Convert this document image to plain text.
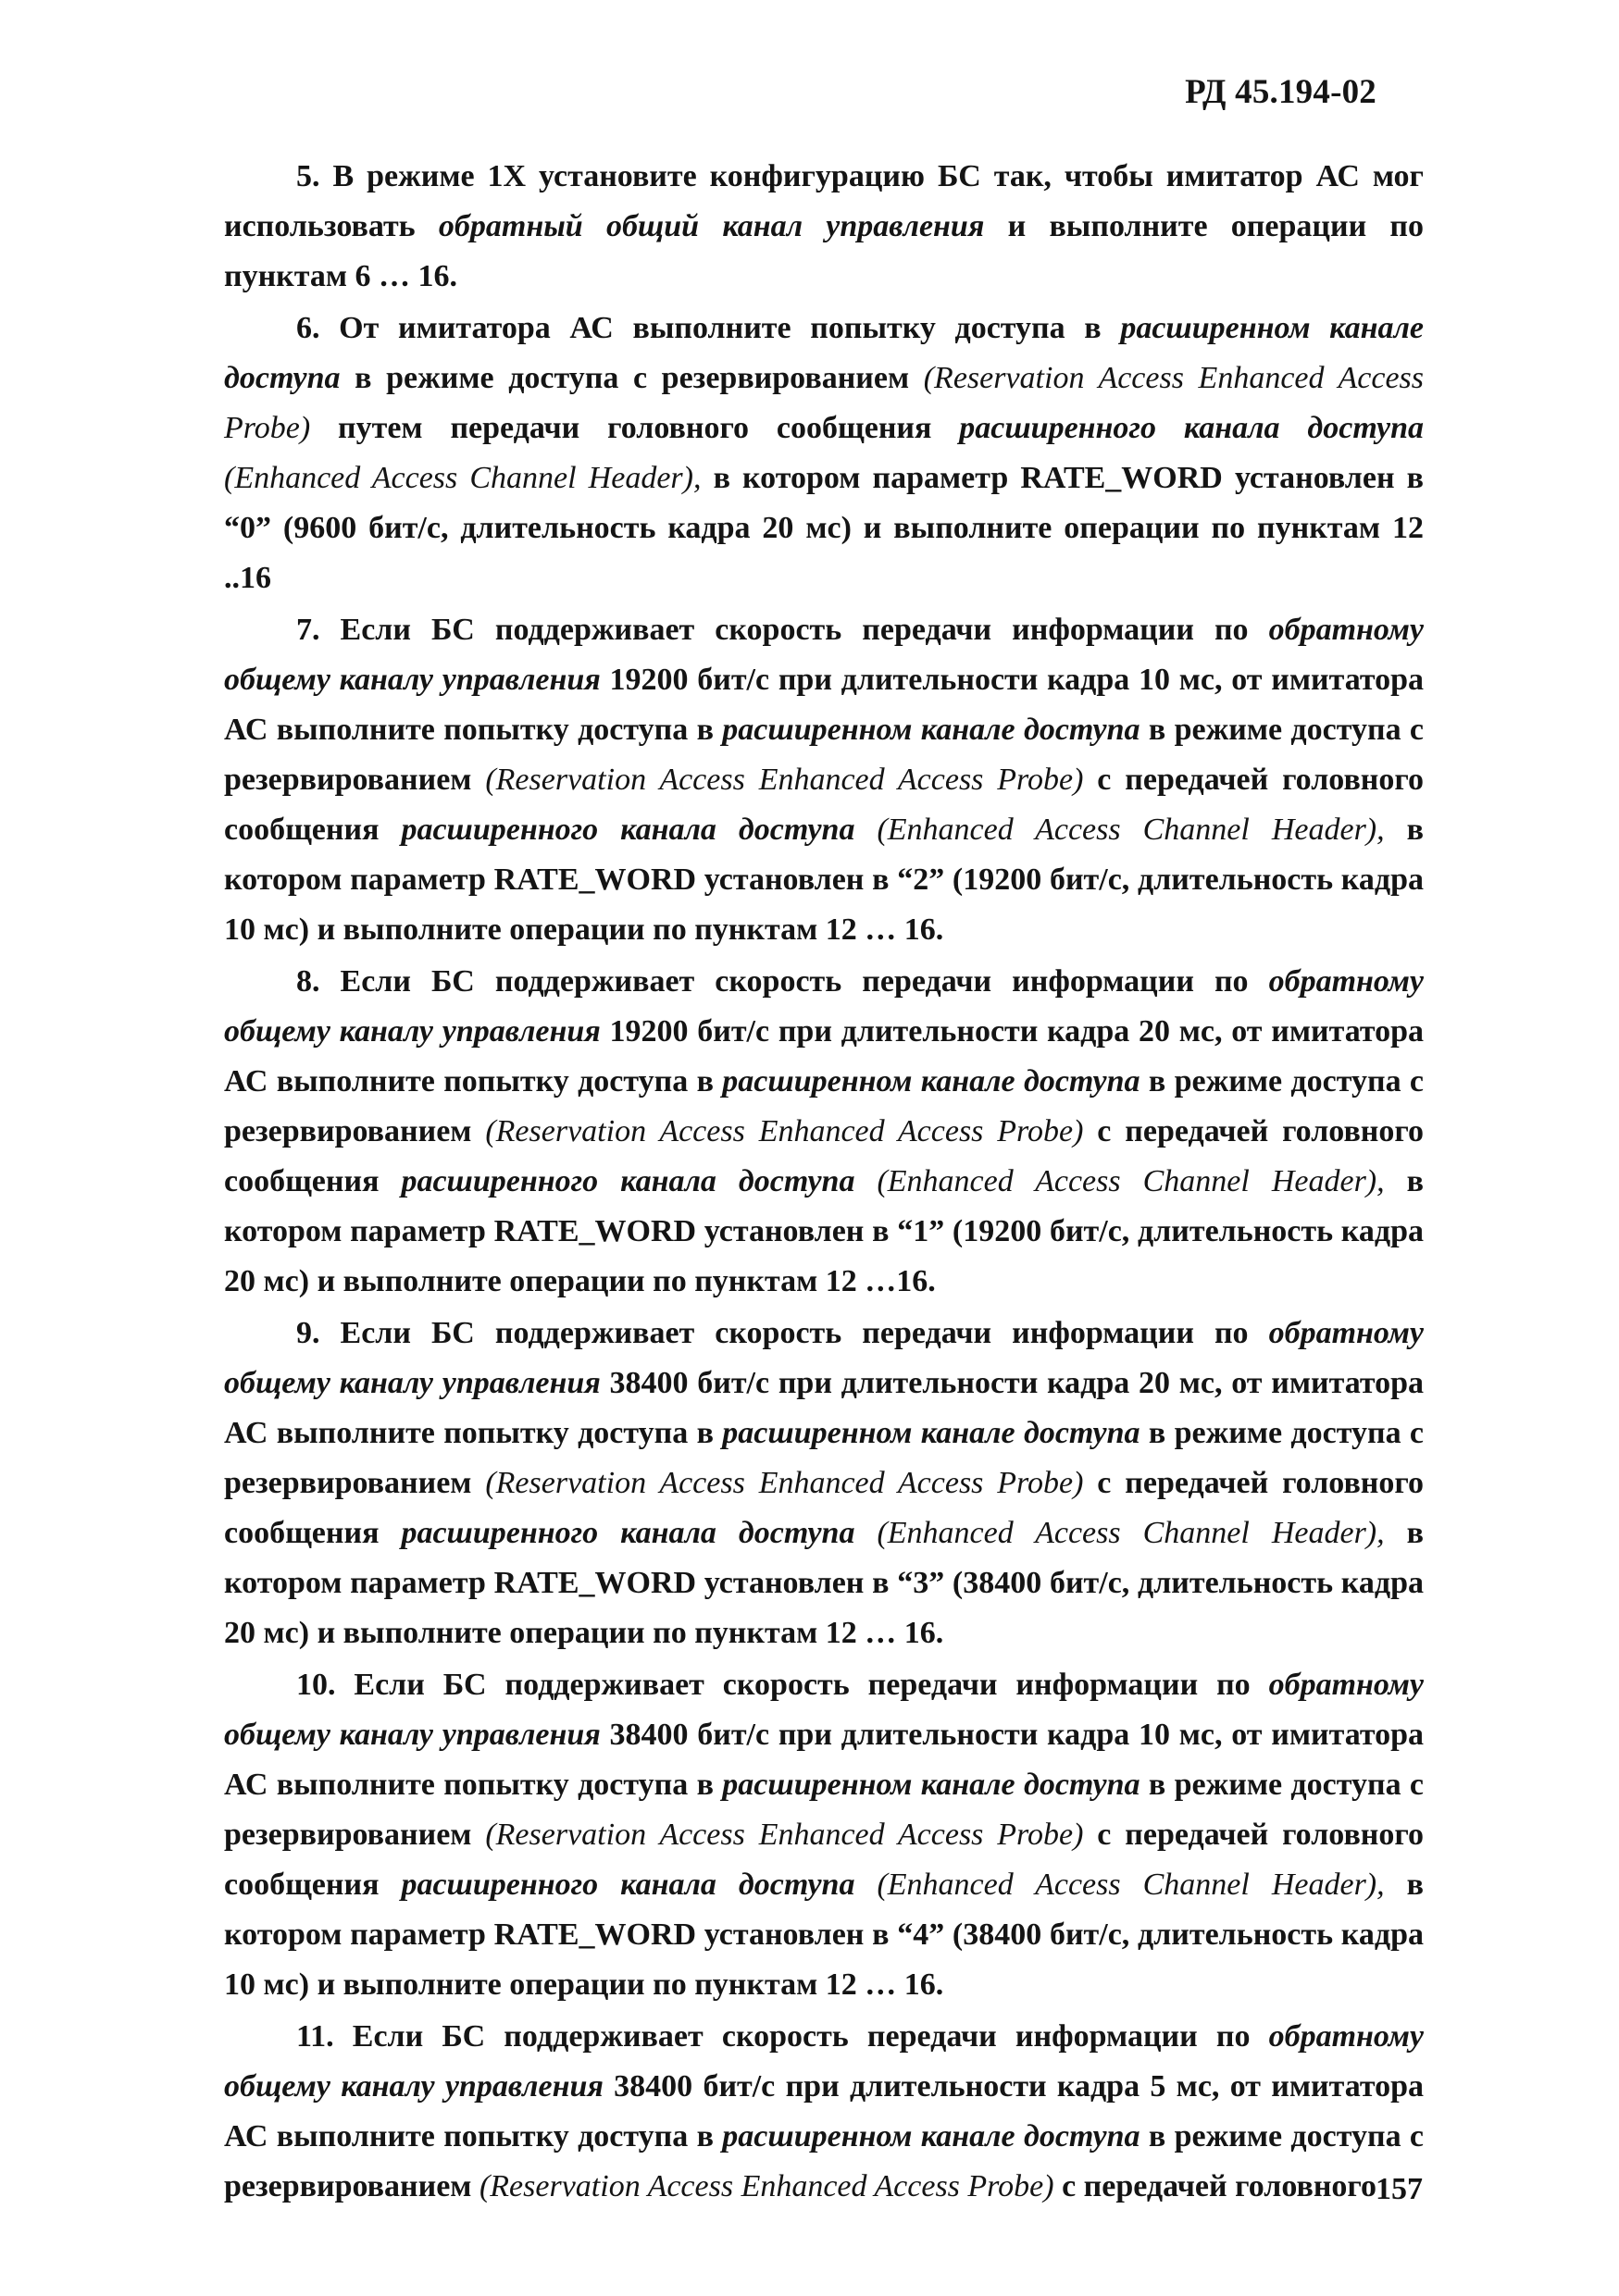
РД 45.194-02

5. В режиме 1X установите конфигурацию БС так, чтобы имитатор АС мог использовать обратный общий канал управления и выполните операции по пунктам 6 … 16.

6. От имитатора АС выполните попытку доступа в расширенном канале доступа в режиме доступа с резервированием (Reservation Access Enhanced Access Probe) путем передачи головного сообщения расширенного канала доступа (Enhanced Access Channel Header), в котором параметр RATE_WORD установлен в “0” (9600 бит/с, длительность кадра 20 мс) и выполните операции по пунктам 12 ..16

7. Если БС поддерживает скорость передачи информации по обратному общему каналу управления 19200 бит/с при длительности кадра 10 мс, от имитатора АС выполните попытку доступа в расширенном канале доступа в режиме доступа с резервированием (Reservation Access Enhanced Access Probe) с передачей головного сообщения расширенного канала доступа (Enhanced Access Channel Header), в котором параметр RATE_WORD установлен в “2” (19200 бит/с, длительность кадра 10 мс) и выполните операции по пунктам 12 … 16.

8. Если БС поддерживает скорость передачи информации по обратному общему каналу управления 19200 бит/с при длительности кадра 20 мс, от имитатора АС выполните попытку доступа в расширенном канале доступа в режиме доступа с резервированием (Reservation Access Enhanced Access Probe) с передачей головного сообщения расширенного канала доступа (Enhanced Access Channel Header), в котором параметр RATE_WORD установлен в “1” (19200 бит/с, длительность кадра 20 мс) и выполните операции по пунктам 12 …16.

9. Если БС поддерживает скорость передачи информации по обратному общему каналу управления 38400 бит/с при длительности кадра 20 мс, от имитатора АС выполните попытку доступа в расширенном канале доступа в режиме доступа с резервированием (Reservation Access Enhanced Access Probe) с передачей головного сообщения расширенного канала доступа (Enhanced Access Channel Header), в котором параметр RATE_WORD установлен в “3” (38400 бит/с, длительность кадра 20 мс) и выполните операции по пунктам 12 … 16.

10. Если БС поддерживает скорость передачи информации по обратному общему каналу управления 38400 бит/с при длительности кадра 10 мс, от имитатора АС выполните попытку доступа в расширенном канале доступа в режиме доступа с резервированием (Reservation Access Enhanced Access Probe) с передачей головного сообщения расширенного канала доступа (Enhanced Access Channel Header), в котором параметр RATE_WORD установлен в “4” (38400 бит/с, длительность кадра 10 мс) и выполните операции по пунктам 12 … 16.

11. Если БС поддерживает скорость передачи информации по обратному общему каналу управления 38400 бит/с при длительности кадра 5 мс, от имитатора АС выполните попытку доступа в расширенном канале доступа в режиме доступа с резервированием (Reservation Access Enhanced Access Probe) с передачей головного

157
